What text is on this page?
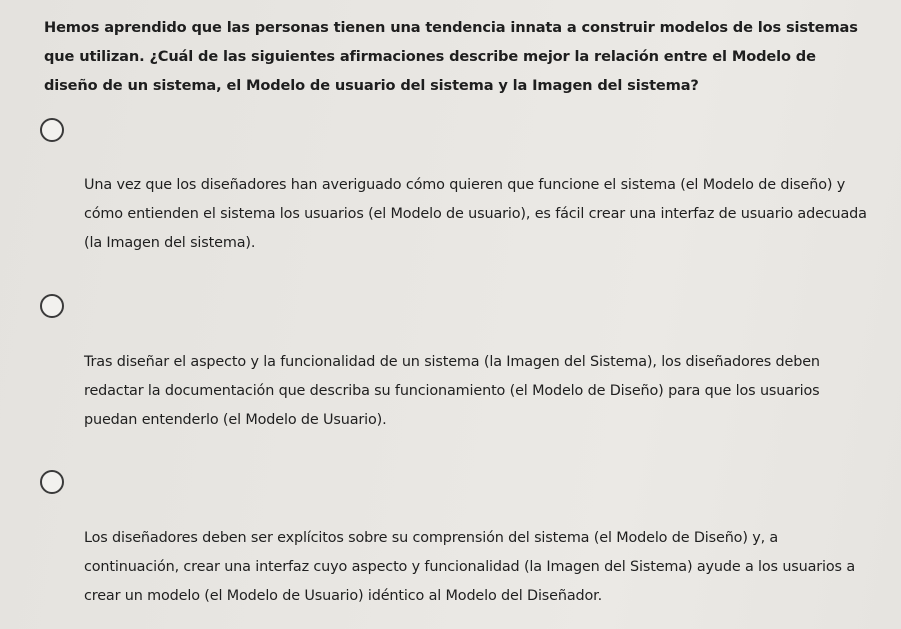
Hemos aprendido que las personas tienen una tendencia innata a construir modelos de los sistemas que utilizan. ¿Cuál de las siguientes afirmaciones describe mejor la relación entre el Modelo de diseño de un sistema, el Modelo de usuario del sistema y la Imagen del sistema?
Una vez que los diseñadores han averiguado cómo quieren que funcione el sistema (el Modelo de diseño) y cómo entienden el sistema los usuarios (el Modelo de usuario), es fácil crear una interfaz de usuario adecuada (la Imagen del sistema).
Tras diseñar el aspecto y la funcionalidad de un sistema (la Imagen del Sistema), los diseñadores deben redactar la documentación que describa su funcionamiento (el Modelo de Diseño) para que los usuarios puedan entenderlo (el Modelo de Usuario).
Los diseñadores deben ser explícitos sobre su comprensión del sistema (el Modelo de Diseño) y, a continuación, crear una interfaz cuyo aspecto y funcionalidad (la Imagen del Sistema) ayude a los usuarios a crear un modelo (el Modelo de Usuario) idéntico al Modelo del Diseñador.
